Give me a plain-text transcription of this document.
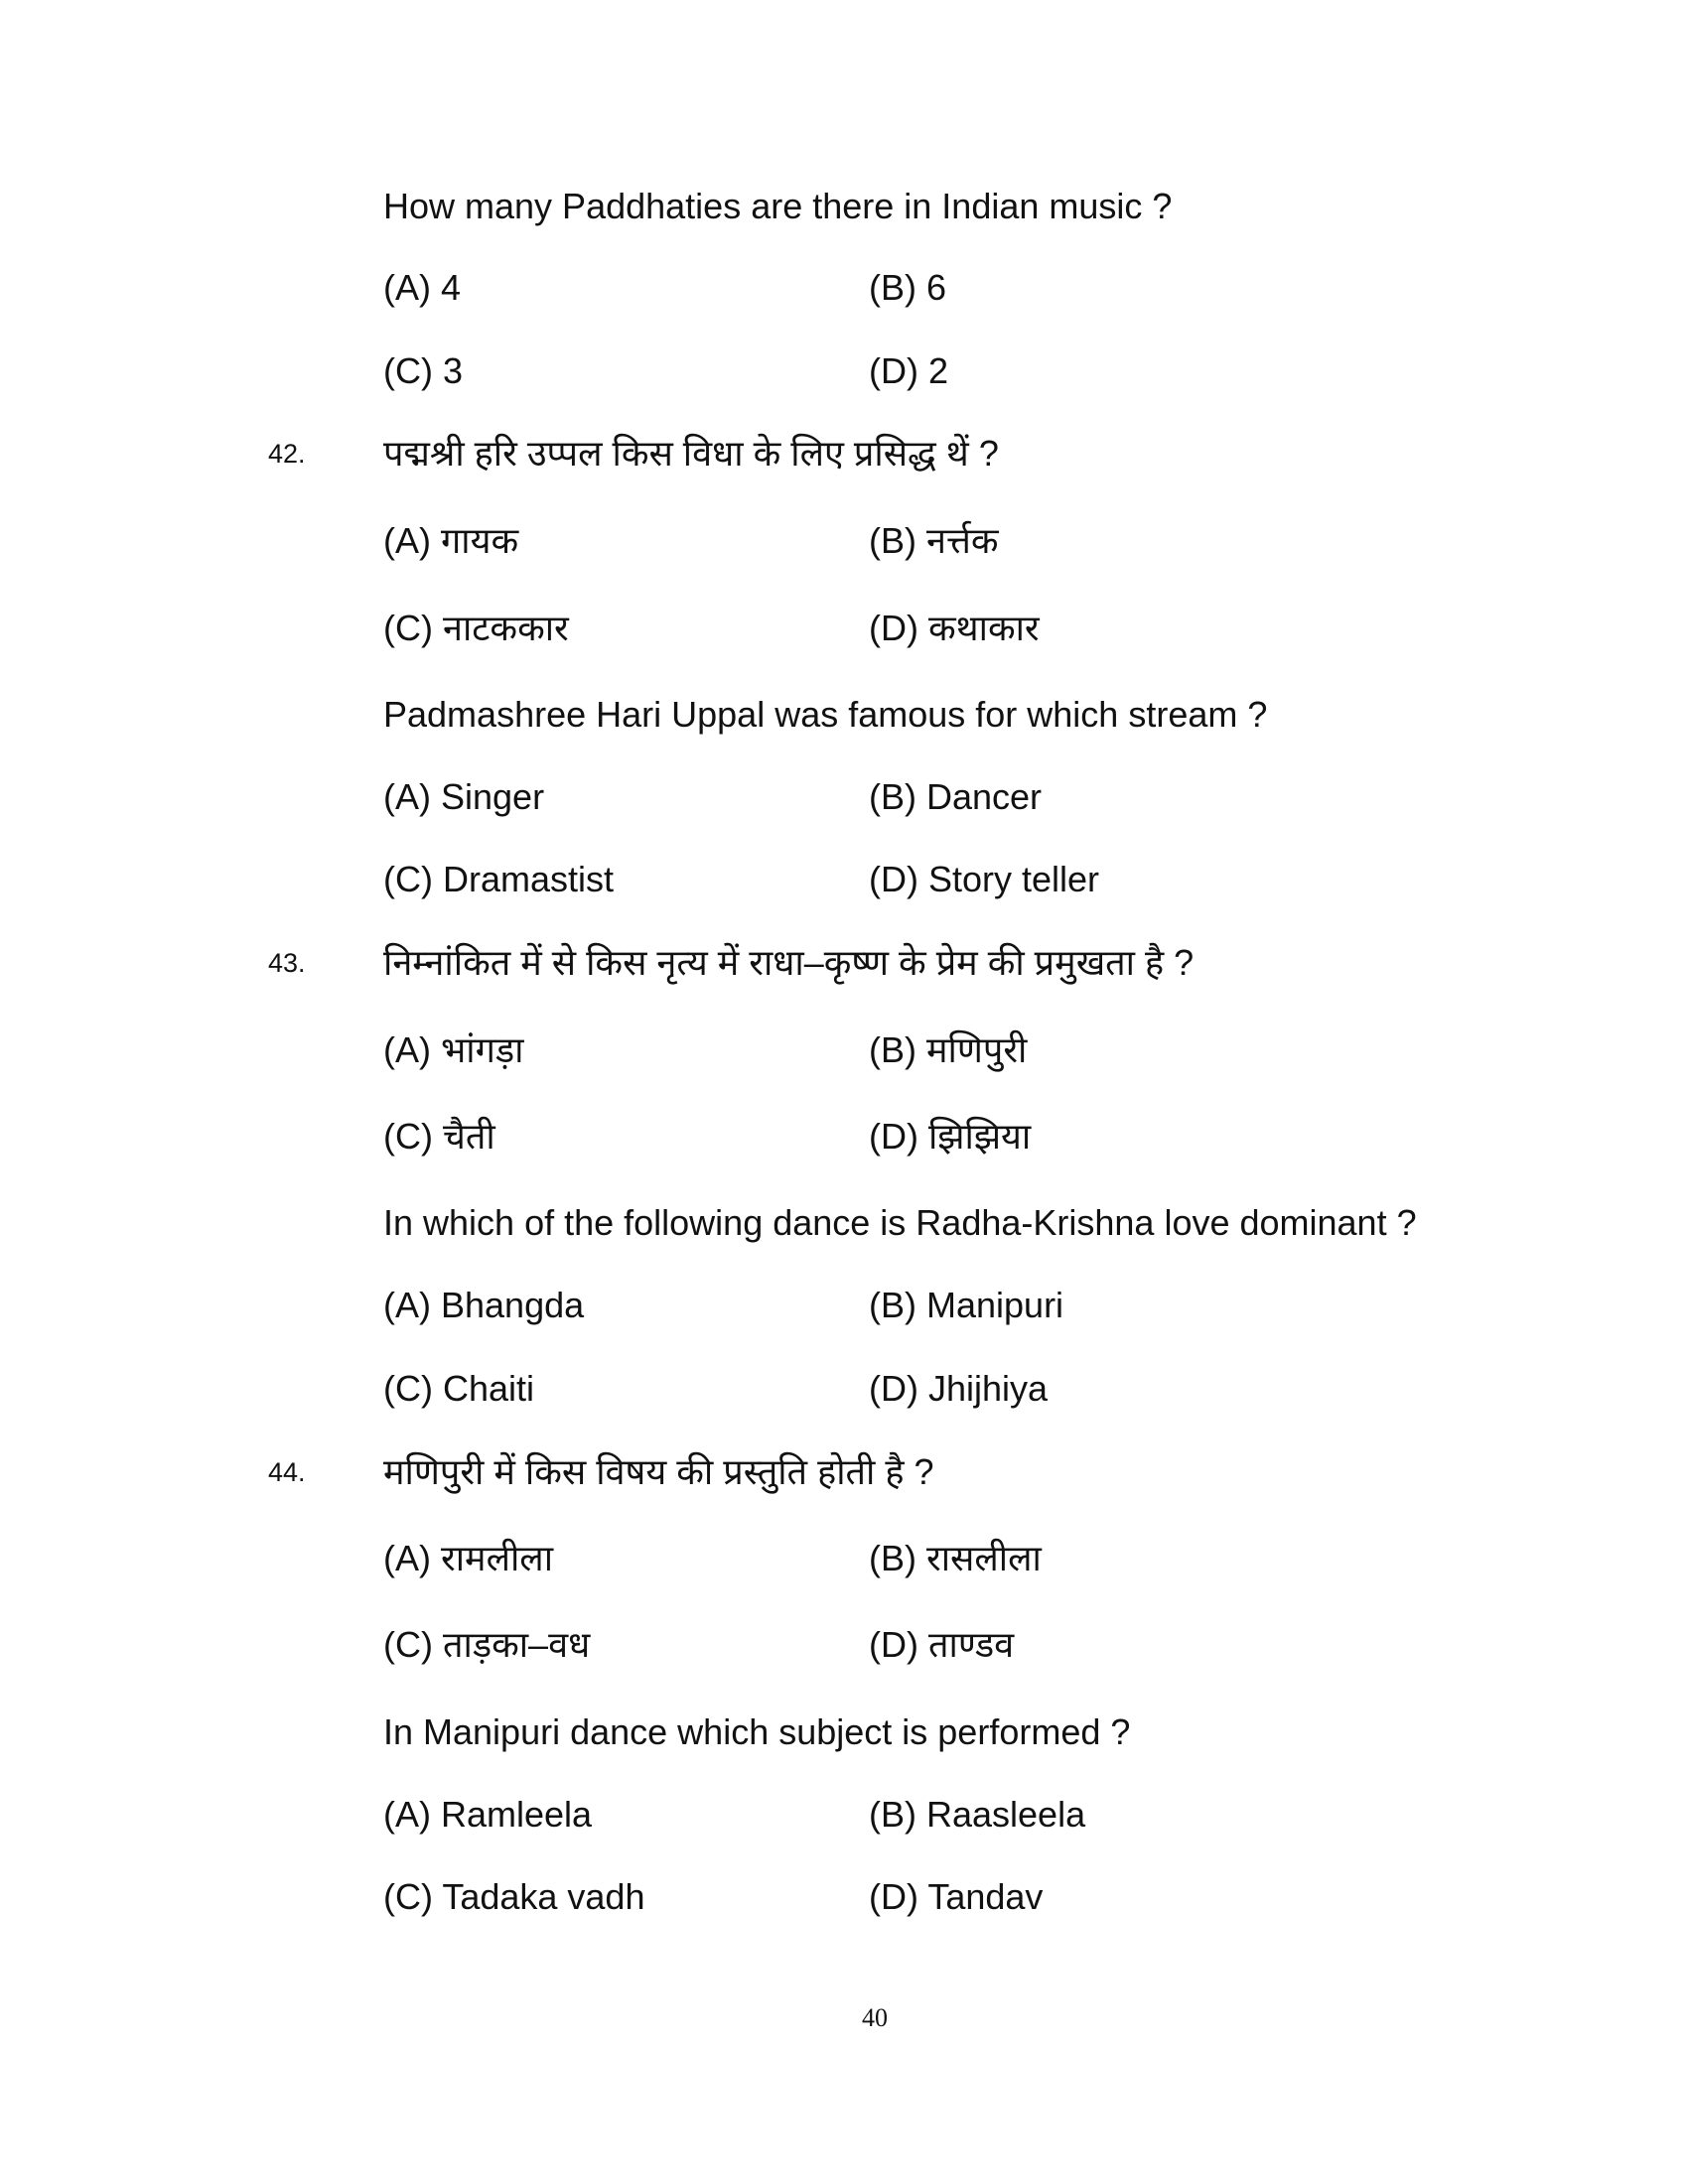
How many Paddhaties are there in Indian music ?
(A) 4	(B) 6
(C) 3	(D) 2
42. पद्मश्री हरि उप्पल किस विधा के लिए प्रसिद्ध थें ?
(A) गायक	(B) नर्त्तक
(C) नाटककार	(D) कथाकार
Padmashree Hari Uppal was famous for which stream ?
(A) Singer	(B) Dancer
(C) Dramastist	(D) Story teller
43. निम्नांकित में से किस नृत्य में राधा–कृष्ण के प्रेम की प्रमुखता है ?
(A) भांगड़ा	(B) मणिपुरी
(C) चैती	(D) झिझिया
In which of the following dance is Radha-Krishna love dominant ?
(A) Bhangda	(B) Manipuri
(C) Chaiti	(D) Jhijhiya
44. मणिपुरी में किस विषय की प्रस्तुति होती है ?
(A) रामलीला	(B) रासलीला
(C) ताड़का–वध	(D) ताण्डव
In Manipuri dance which subject is performed ?
(A) Ramleela	(B) Raasleela
(C) Tadaka vadh	(D) Tandav
40
